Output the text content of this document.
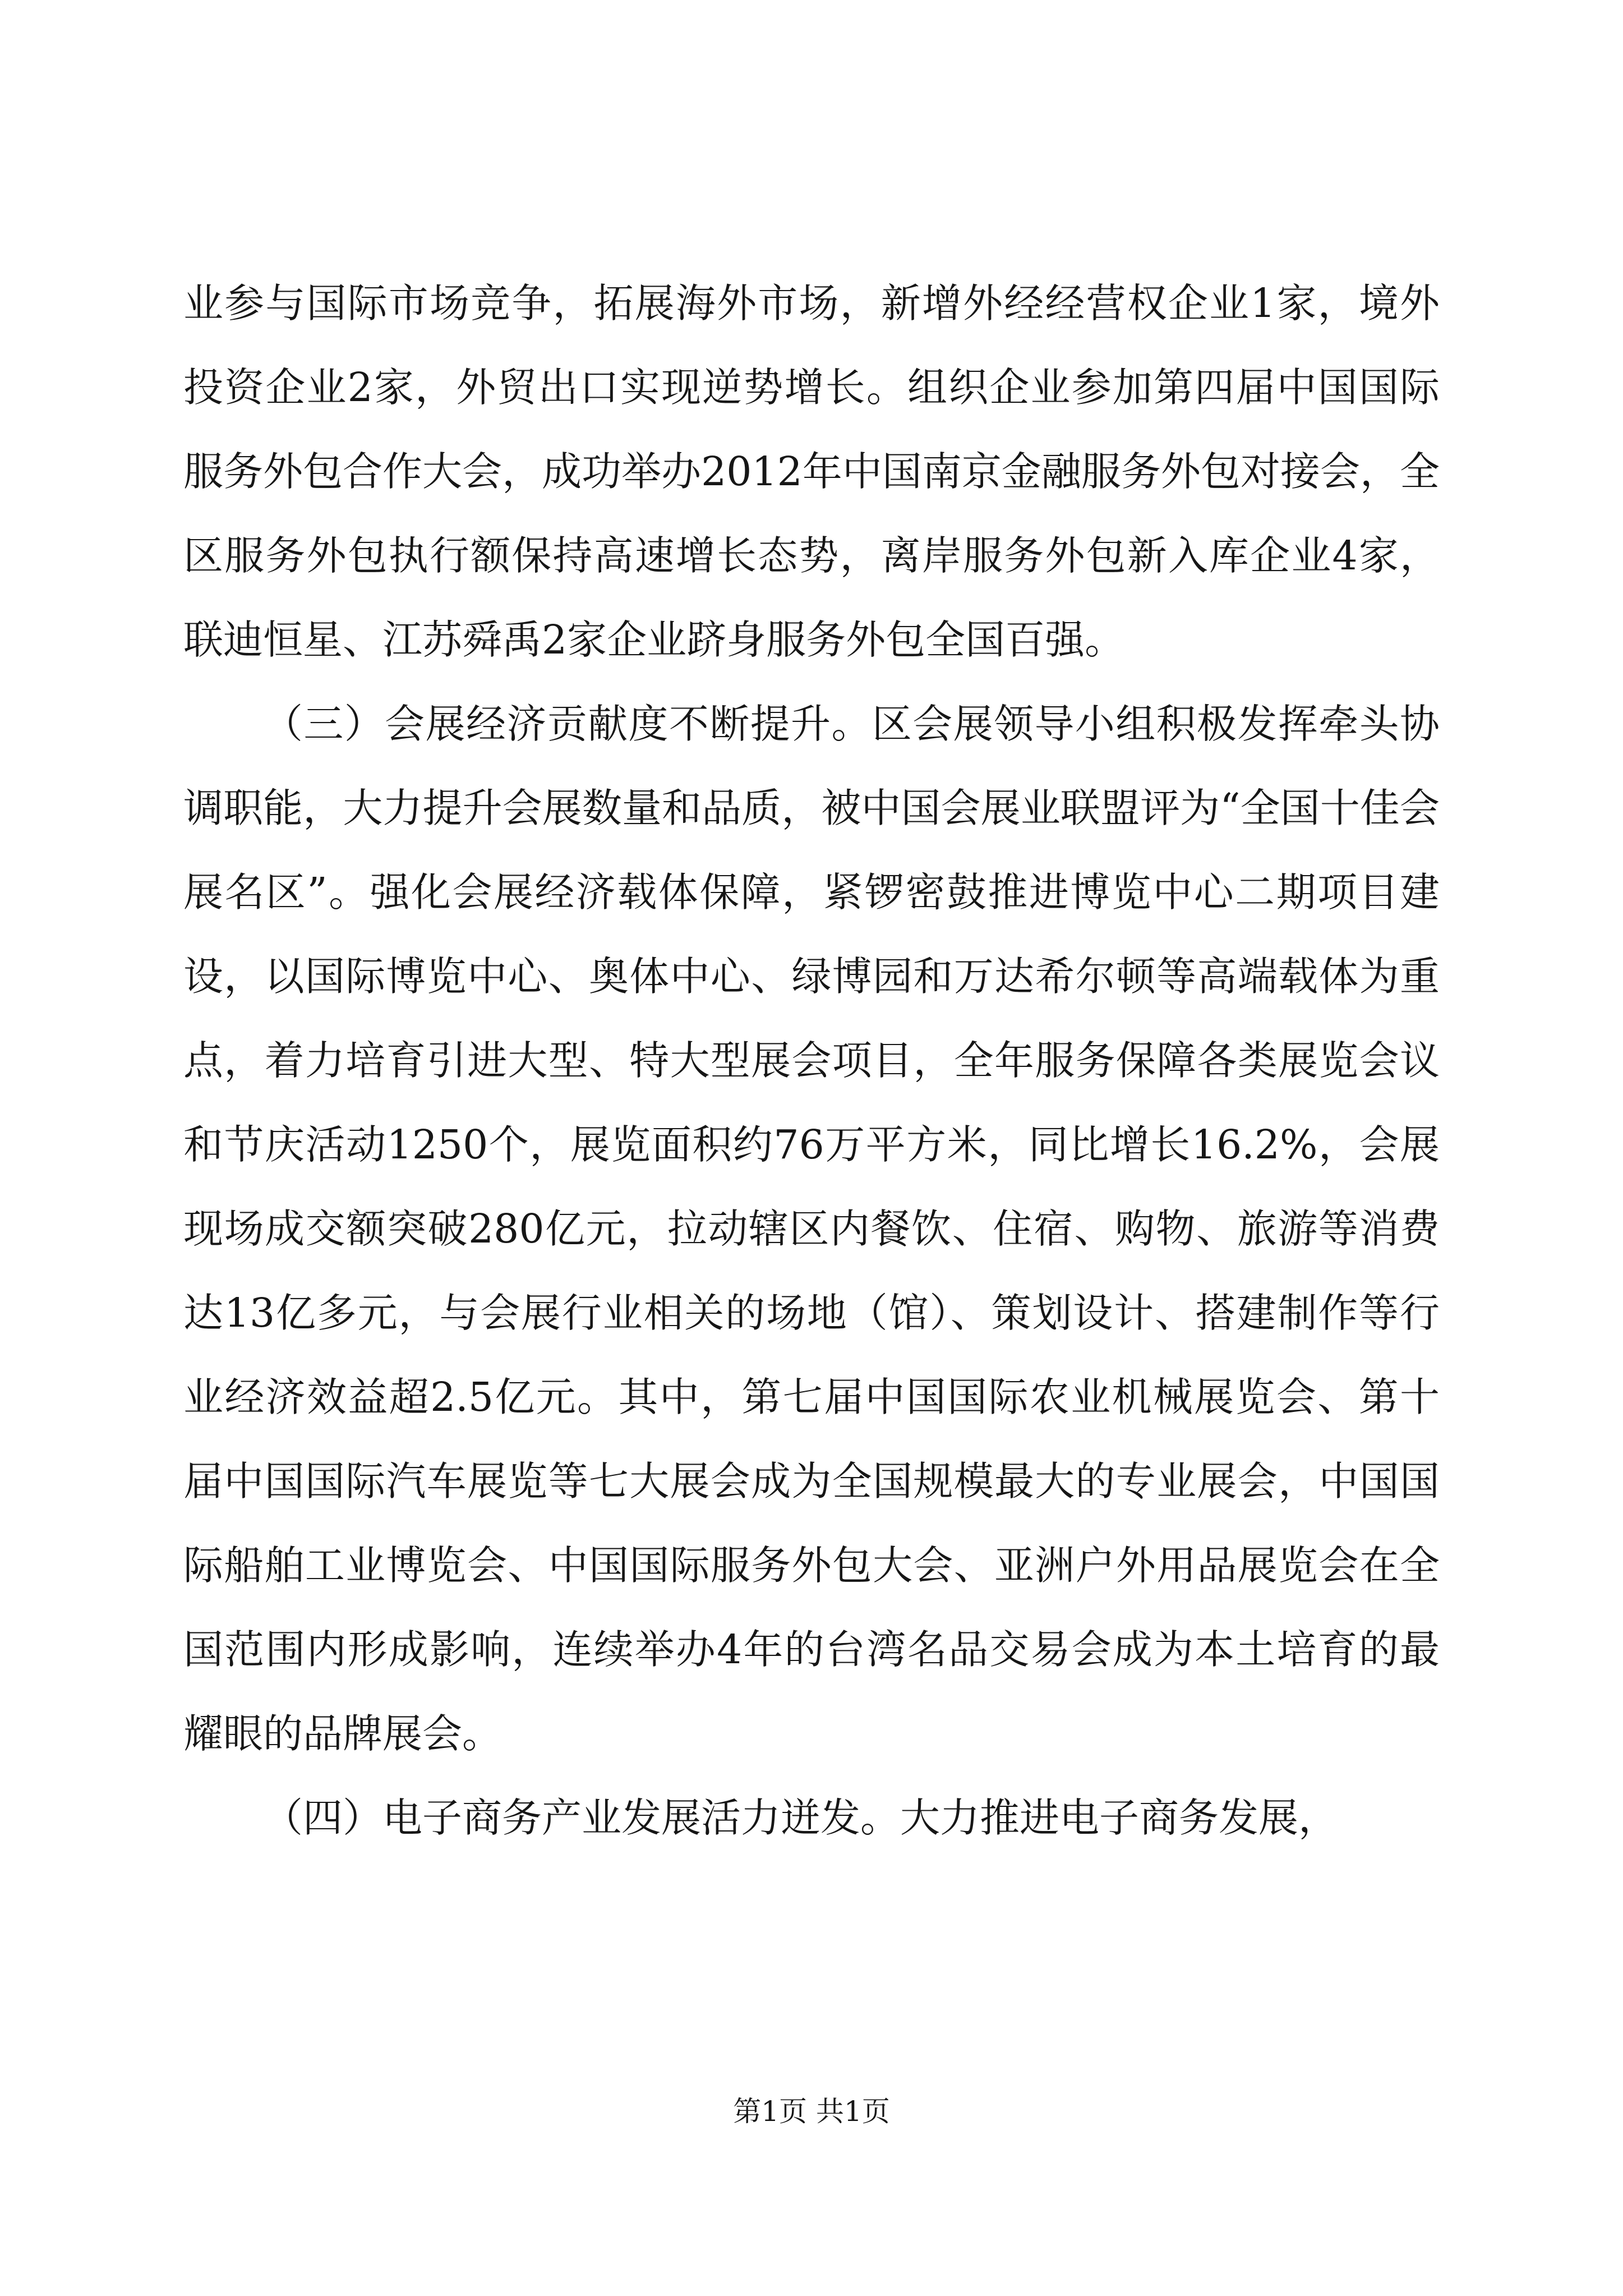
业参与国际市场竞争，拓展海外市场，新增外经经营权企业1家，境外投资企业2家，外贸出口实现逆势增长。组织企业参加第四届中国国际服务外包合作大会，成功举办2012年中国南京金融服务外包对接会，全区服务外包执行额保持高速增长态势，离岸服务外包新入库企业4家，联迪恒星、江苏舜禹2家企业跻身服务外包全国百强。

（三）会展经济贡献度不断提升。区会展领导小组积极发挥牵头协调职能，大力提升会展数量和品质，被中国会展业联盟评为“全国十佳会展名区”。强化会展经济载体保障，紧锣密鼓推进博览中心二期项目建设，以国际博览中心、奥体中心、绿博园和万达希尔顿等高端载体为重点，着力培育引进大型、特大型展会项目，全年服务保障各类展览会议和节庆活动1250个，展览面积约76万平方米，同比增长16.2%，会展现场成交额突破280亿元，拉动辖区内餐饮、住宿、购物、旅游等消费达13亿多元，与会展行业相关的场地（馆）、策划设计、搭建制作等行业经济效益超2.5亿元。其中，第七届中国国际农业机械展览会、第十届中国国际汽车展览等七大展会成为全国规模最大的专业展会，中国国际船舶工业博览会、中国国际服务外包大会、亚洲户外用品展览会在全国范围内形成影响，连续举办4年的台湾名品交易会成为本土培育的最耀眼的品牌展会。

（四）电子商务产业发展活力迸发。大力推进电子商务发展，

第1页 共1页
